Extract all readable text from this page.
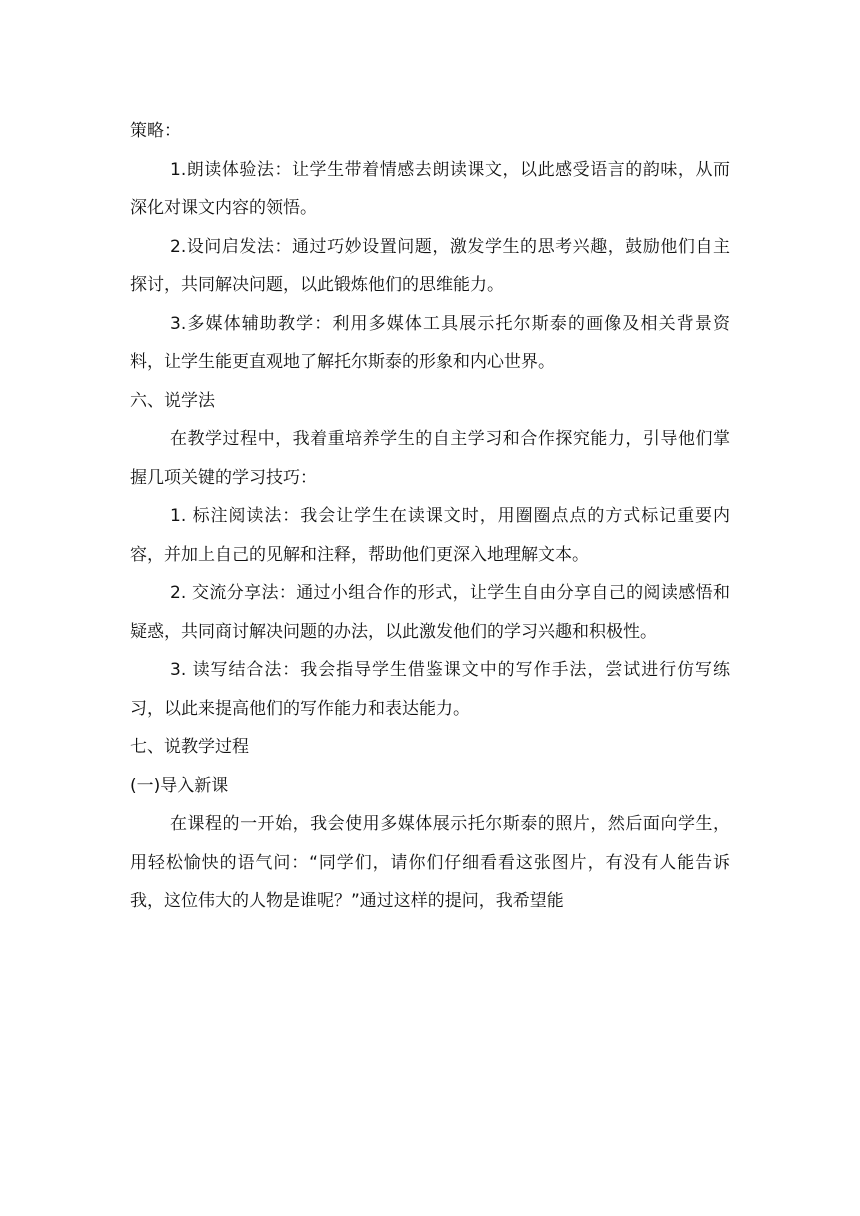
策略：

1.朗读体验法：让学生带着情感去朗读课文，以此感受语言的韵味，从而深化对课文内容的领悟。

2.设问启发法：通过巧妙设置问题，激发学生的思考兴趣，鼓励他们自主探讨，共同解决问题，以此锻炼他们的思维能力。

3.多媒体辅助教学：利用多媒体工具展示托尔斯泰的画像及相关背景资料，让学生能更直观地了解托尔斯泰的形象和内心世界。

六、说学法

在教学过程中，我着重培养学生的自主学习和合作探究能力，引导他们掌握几项关键的学习技巧：

1. 标注阅读法：我会让学生在读课文时，用圈圈点点的方式标记重要内容，并加上自己的见解和注释，帮助他们更深入地理解文本。

2. 交流分享法：通过小组合作的形式，让学生自由分享自己的阅读感悟和疑惑，共同商讨解决问题的办法，以此激发他们的学习兴趣和积极性。

3. 读写结合法：我会指导学生借鉴课文中的写作手法，尝试进行仿写练习，以此来提高他们的写作能力和表达能力。

七、说教学过程

(一)导入新课

在课程的一开始，我会使用多媒体展示托尔斯泰的照片，然后面向学生，用轻松愉快的语气问：“同学们，请你们仔细看看这张图片，有没有人能告诉我，这位伟大的人物是谁呢？”通过这样的提问，我希望能
